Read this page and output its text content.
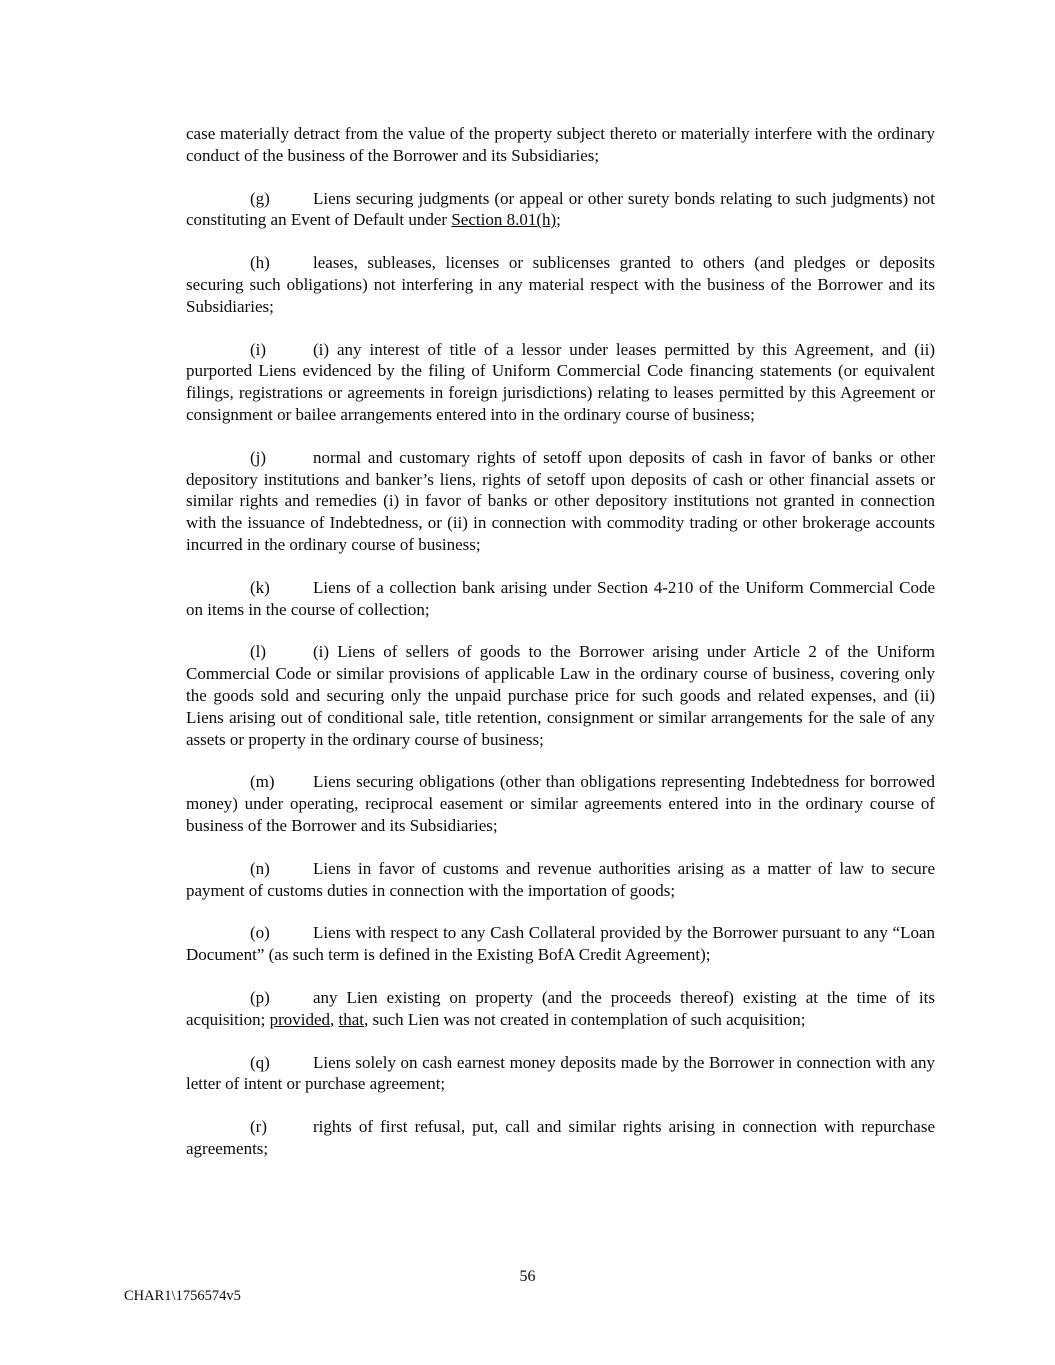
case materially detract from the value of the property subject thereto or materially interfere with the ordinary conduct of the business of the Borrower and its Subsidiaries;

(g)	Liens securing judgments (or appeal or other surety bonds relating to such judgments) not constituting an Event of Default under Section 8.01(h);

(h)	leases, subleases, licenses or sublicenses granted to others (and pledges or deposits securing such obligations) not interfering in any material respect with the business of the Borrower and its Subsidiaries;

(i)	(i) any interest of title of a lessor under leases permitted by this Agreement, and (ii) purported Liens evidenced by the filing of Uniform Commercial Code financing statements (or equivalent filings, registrations or agreements in foreign jurisdictions) relating to leases permitted by this Agreement or consignment or bailee arrangements entered into in the ordinary course of business;

(j)	normal and customary rights of setoff upon deposits of cash in favor of banks or other depository institutions and banker’s liens, rights of setoff upon deposits of cash or other financial assets or similar rights and remedies (i) in favor of banks or other depository institutions not granted in connection with the issuance of Indebtedness, or (ii) in connection with commodity trading or other brokerage accounts incurred in the ordinary course of business;

(k)	Liens of a collection bank arising under Section 4-210 of the Uniform Commercial Code on items in the course of collection;

(l)	(i) Liens of sellers of goods to the Borrower arising under Article 2 of the Uniform Commercial Code or similar provisions of applicable Law in the ordinary course of business, covering only the goods sold and securing only the unpaid purchase price for such goods and related expenses, and (ii) Liens arising out of conditional sale, title retention, consignment or similar arrangements for the sale of any assets or property in the ordinary course of business;

(m) Liens securing obligations (other than obligations representing Indebtedness for borrowed money) under operating, reciprocal easement or similar agreements entered into in the ordinary course of business of the Borrower and its Subsidiaries;

(n)	Liens in favor of customs and revenue authorities arising as a matter of law to secure payment of customs duties in connection with the importation of goods;

(o)	Liens with respect to any Cash Collateral provided by the Borrower pursuant to any “Loan Document” (as such term is defined in the Existing BofA Credit Agreement);

(p)	any Lien existing on property (and the proceeds thereof) existing at the time of its acquisition; provided, that, such Lien was not created in contemplation of such acquisition;

(q)	Liens solely on cash earnest money deposits made by the Borrower in connection with any letter of intent or purchase agreement;

(r)	rights of first refusal, put, call and similar rights arising in connection with repurchase agreements;

56
CHAR1\1756574v5
